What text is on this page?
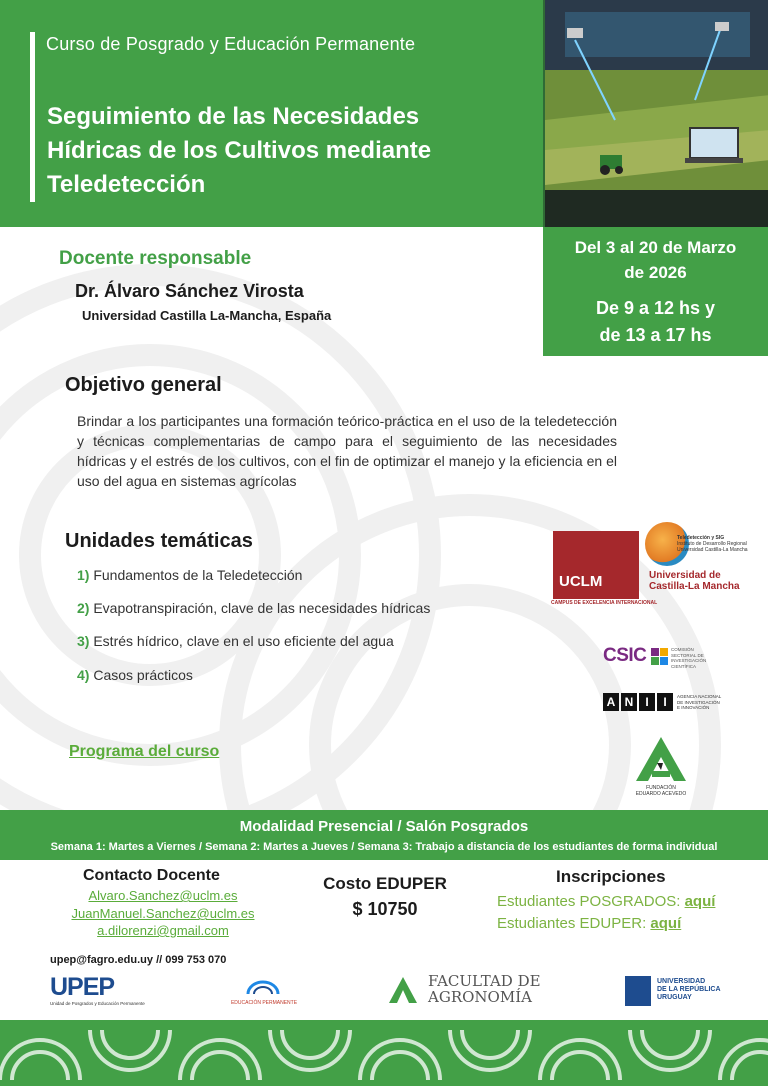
Curso de Posgrado y Educación Permanente
Seguimiento de las Necesidades
Hídricas de los Cultivos mediante
Teledetección
Del 3 al 20 de Marzo
de 2026
De 9 a 12 hs y
de 13 a 17 hs
Docente responsable
Dr. Álvaro Sánchez Virosta
Universidad Castilla La-Mancha, España
Objetivo general
Brindar a los participantes una formación teórico-práctica en el uso de la teledetección y técnicas complementarias de campo para el seguimiento de las necesidades hídricas y el estrés de los cultivos, con el fin de optimizar el manejo y la eficiencia en el uso del agua en sistemas agrícolas
Unidades temáticas
1) Fundamentos de la Teledetección
2) Evapotranspiración, clave de las necesidades hídricas
3) Estrés hídrico, clave en el uso eficiente del agua
4) Casos prácticos
Programa del curso
UCLM
CAMPUS DE EXCELENCIA INTERNACIONAL
Teledetección y SIG
Instituto de Desarrollo Regional
Universidad Castilla-La Mancha
Universidad de
Castilla-La Mancha
CSIC	COMISIÓN
SECTORIAL DE
INVESTIGACIÓN
CIENTÍFICA
A N	I	I	AGENCIA NACIONAL
DE INVESTIGACIÓN
E INNOVACIÓN
FUNDACIÓN
EDUARDO ACEVEDO
Modalidad Presencial / Salón Posgrados
Semana 1: Martes a Viernes / Semana 2: Martes a Jueves / Semana 3: Trabajo a distancia de los estudiantes de forma individual
Contacto Docente
Alvaro.Sanchez@uclm.es
JuanManuel.Sanchez@uclm.es
a.dilorenzi@gmail.com
Costo EDUPER
$ 10750
Inscripciones
Estudiantes POSGRADOS: aquí
Estudiantes EDUPER: aquí
upep@fagro.edu.uy // 099 753 070
UPEP
Unidad de Posgrados y Educación Permanente	EDUCACIÓN PERMANENTE
FACULTAD DE
AGRONOMÍA
UNIVERSIDAD
DE LA REPÚBLICA
URUGUAY
